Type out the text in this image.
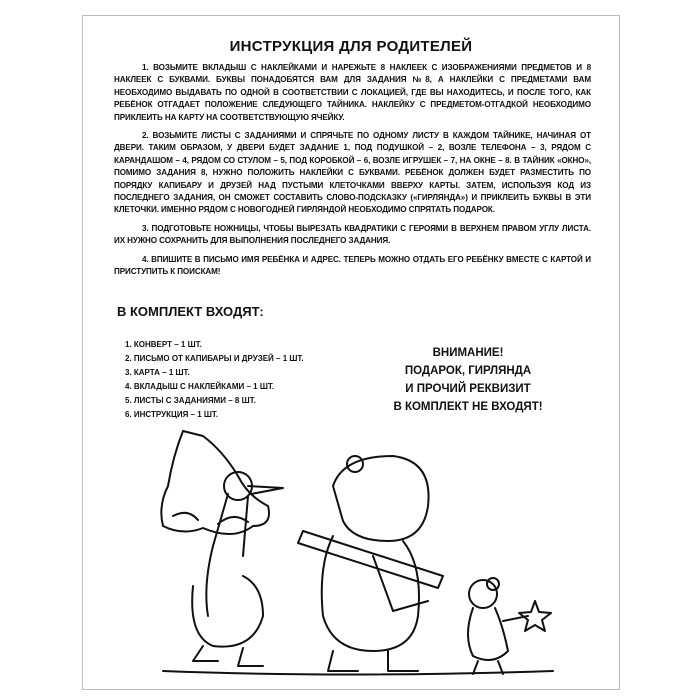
ИНСТРУКЦИЯ ДЛЯ РОДИТЕЛЕЙ

1. ВОЗЬМИТЕ ВКЛАДЫШ С НАКЛЕЙКАМИ И НАРЕЖЬТЕ 8 НАКЛЕЕК С ИЗОБРАЖЕНИЯМИ ПРЕДМЕТОВ И 8 НАКЛЕЕК С БУКВАМИ. БУКВЫ ПОНАДОБЯТСЯ ВАМ ДЛЯ ЗАДАНИЯ №8, А НАКЛЕЙКИ С ПРЕДМЕТАМИ ВАМ НЕОБХОДИМО ВЫДАВАТЬ ПО ОДНОЙ В СООТВЕТСТВИИ С ЛОКАЦИЕЙ, ГДЕ ВЫ НАХОДИТЕСЬ, И ПОСЛЕ ТОГО, КАК РЕБЁНОК ОТГАДАЕТ ПОЛОЖЕНИЕ СЛЕДУЮЩЕГО ТАЙНИКА. НАКЛЕЙКУ С ПРЕДМЕТОМ-ОТГАДКОЙ НЕОБХОДИМО ПРИКЛЕИТЬ НА КАРТУ НА СООТВЕТСТВУЮЩУЮ ЯЧЕЙКУ.

2. ВОЗЬМИТЕ ЛИСТЫ С ЗАДАНИЯМИ И СПРЯЧЬТЕ ПО ОДНОМУ ЛИСТУ В КАЖДОМ ТАЙНИКЕ, НАЧИНАЯ ОТ ДВЕРИ. ТАКИМ ОБРАЗОМ, У ДВЕРИ БУДЕТ ЗАДАНИЕ 1, ПОД ПОДУШКОЙ – 2, ВОЗЛЕ ТЕЛЕФОНА – 3, РЯДОМ С КАРАНДАШОМ – 4, РЯДОМ СО СТУЛОМ – 5, ПОД КОРОБКОЙ – 6, ВОЗЛЕ ИГРУШЕК – 7, НА ОКНЕ – 8. В ТАЙНИК «ОКНО», ПОМИМО ЗАДАНИЯ 8, НУЖНО ПОЛОЖИТЬ НАКЛЕЙКИ С БУКВАМИ. РЕБЁНОК ДОЛЖЕН БУДЕТ РАЗМЕСТИТЬ ПО ПОРЯДКУ КАПИБАРУ И ДРУЗЕЙ НАД ПУСТЫМИ КЛЕТОЧКАМИ ВВЕРХУ КАРТЫ. ЗАТЕМ, ИСПОЛЬЗУЯ КОД ИЗ ПОСЛЕДНЕГО ЗАДАНИЯ, ОН СМОЖЕТ СОСТАВИТЬ СЛОВО-ПОДСКАЗКУ («ГИРЛЯНДА») И ПРИКЛЕИТЬ БУКВЫ В ЭТИ КЛЕТОЧКИ. ИМЕННО РЯДОМ С НОВОГОДНЕЙ ГИРЛЯНДОЙ НЕОБХОДИМО СПРЯТАТЬ ПОДАРОК.

3. ПОДГОТОВЬТЕ НОЖНИЦЫ, ЧТОБЫ ВЫРЕЗАТЬ КВАДРАТИКИ С ГЕРОЯМИ В ВЕРХНЕМ ПРАВОМ УГЛУ ЛИСТА. ИХ НУЖНО СОХРАНИТЬ ДЛЯ ВЫПОЛНЕНИЯ ПОСЛЕДНЕГО ЗАДАНИЯ.

4. ВПИШИТЕ В ПИСЬМО ИМЯ РЕБЁНКА И АДРЕС. ТЕПЕРЬ МОЖНО ОТДАТЬ ЕГО РЕБЁНКУ ВМЕСТЕ С КАРТОЙ И ПРИСТУПИТЬ К ПОИСКАМ!

В КОМПЛЕКТ ВХОДЯТ:
1. КОНВЕРТ – 1 ШТ.
2. ПИСЬМО ОТ КАПИБАРЫ И ДРУЗЕЙ – 1 ШТ.
3. КАРТА – 1 ШТ.
4. ВКЛАДЫШ С НАКЛЕЙКАМИ – 1 ШТ.
5. ЛИСТЫ С ЗАДАНИЯМИ – 8 ШТ.
6. ИНСТРУКЦИЯ – 1 ШТ.
ВНИМАНИЕ!
ПОДАРОК, ГИРЛЯНДА
И ПРОЧИЙ РЕКВИЗИТ
В КОМПЛЕКТ НЕ ВХОДЯТ!
